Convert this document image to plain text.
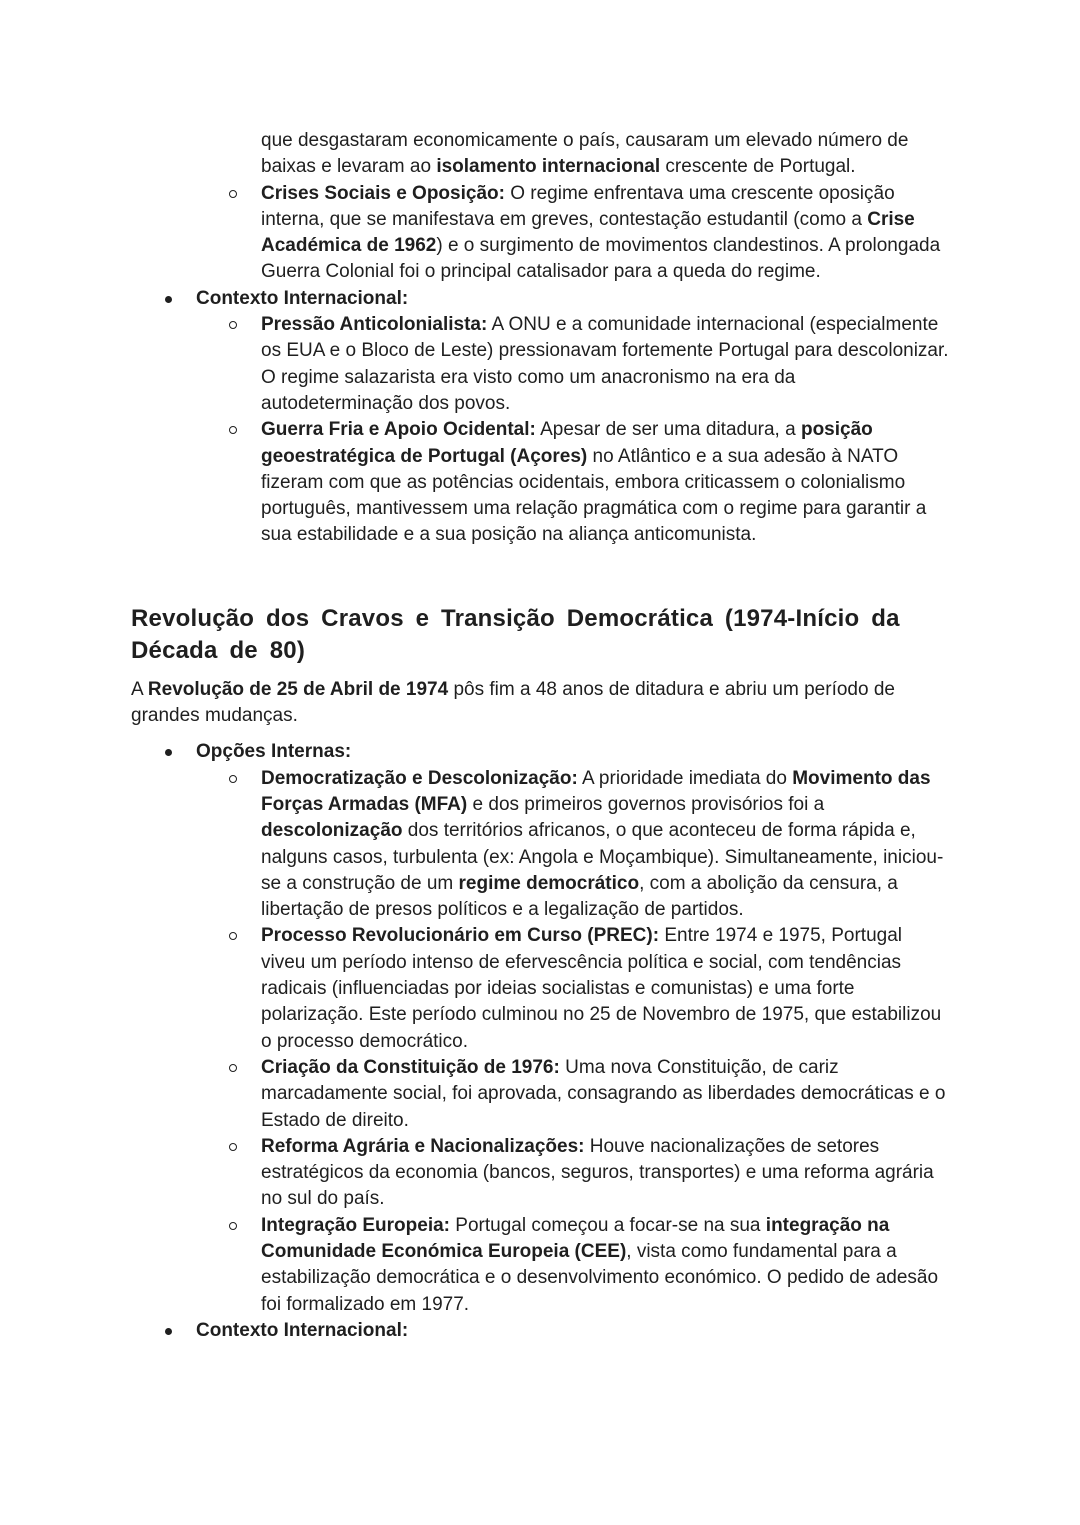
que desgastaram economicamente o país, causaram um elevado número de baixas e levaram ao isolamento internacional crescente de Portugal.
Crises Sociais e Oposição: O regime enfrentava uma crescente oposição interna, que se manifestava em greves, contestação estudantil (como a Crise Académica de 1962) e o surgimento de movimentos clandestinos. A prolongada Guerra Colonial foi o principal catalisador para a queda do regime.
Contexto Internacional:
Pressão Anticolonialista: A ONU e a comunidade internacional (especialmente os EUA e o Bloco de Leste) pressionavam fortemente Portugal para descolonizar. O regime salazarista era visto como um anacronismo na era da autodeterminação dos povos.
Guerra Fria e Apoio Ocidental: Apesar de ser uma ditadura, a posição geoestratégica de Portugal (Açores) no Atlântico e a sua adesão à NATO fizeram com que as potências ocidentais, embora criticassem o colonialismo português, mantivessem uma relação pragmática com o regime para garantir a sua estabilidade e a sua posição na aliança anticomunista.
Revolução dos Cravos e Transição Democrática (1974-Início da Década de 80)
A Revolução de 25 de Abril de 1974 pôs fim a 48 anos de ditadura e abriu um período de grandes mudanças.
Opções Internas:
Democratização e Descolonização: A prioridade imediata do Movimento das Forças Armadas (MFA) e dos primeiros governos provisórios foi a descolonização dos territórios africanos, o que aconteceu de forma rápida e, nalguns casos, turbulenta (ex: Angola e Moçambique). Simultaneamente, iniciou-se a construção de um regime democrático, com a abolição da censura, a libertação de presos políticos e a legalização de partidos.
Processo Revolucionário em Curso (PREC): Entre 1974 e 1975, Portugal viveu um período intenso de efervescência política e social, com tendências radicais (influenciadas por ideias socialistas e comunistas) e uma forte polarização. Este período culminou no 25 de Novembro de 1975, que estabilizou o processo democrático.
Criação da Constituição de 1976: Uma nova Constituição, de cariz marcadamente social, foi aprovada, consagrando as liberdades democráticas e o Estado de direito.
Reforma Agrária e Nacionalizações: Houve nacionalizações de setores estratégicos da economia (bancos, seguros, transportes) e uma reforma agrária no sul do país.
Integração Europeia: Portugal começou a focar-se na sua integração na Comunidade Económica Europeia (CEE), vista como fundamental para a estabilização democrática e o desenvolvimento económico. O pedido de adesão foi formalizado em 1977.
Contexto Internacional:
